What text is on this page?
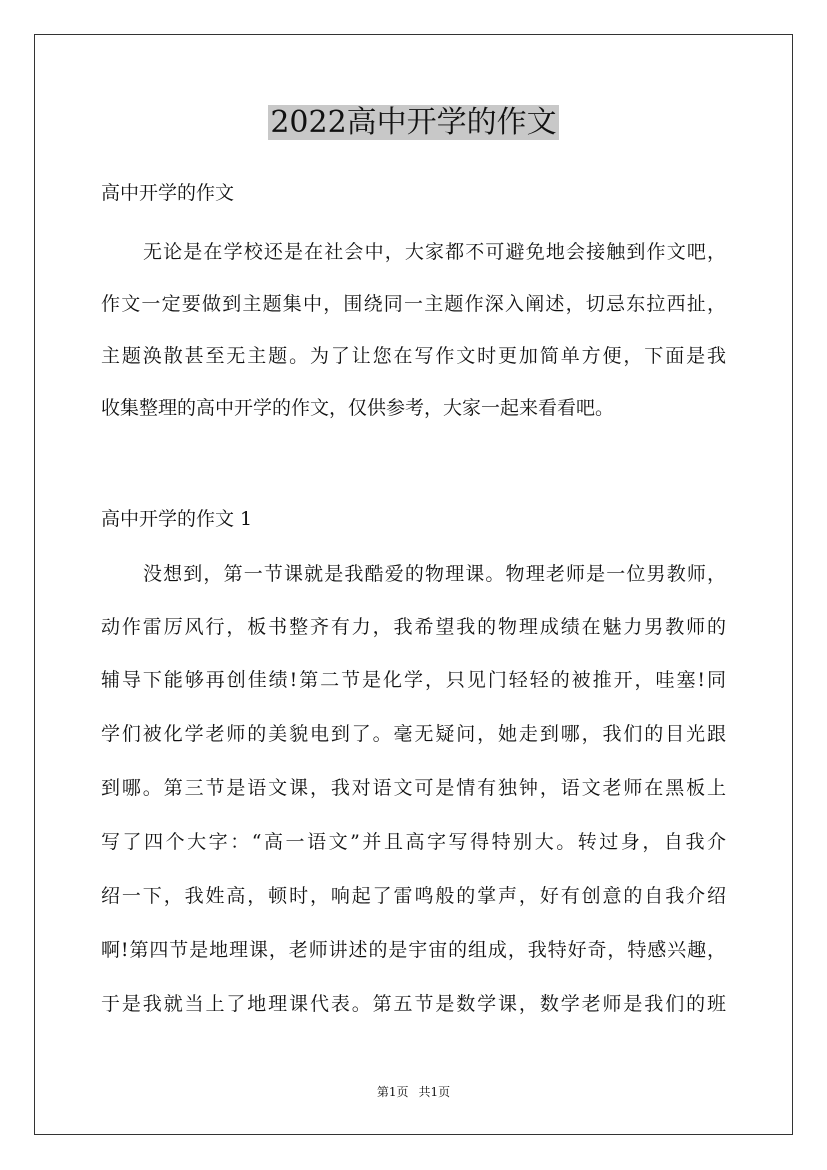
2022高中开学的作文
高中开学的作文
无论是在学校还是在社会中，大家都不可避免地会接触到作文吧，
作文一定要做到主题集中，围绕同一主题作深入阐述，切忌东拉西扯，
主题涣散甚至无主题。为了让您在写作文时更加简单方便，下面是我
收集整理的高中开学的作文，仅供参考，大家一起来看看吧。
高中开学的作文 1
没想到，第一节课就是我酷爱的物理课。物理老师是一位男教师，
动作雷厉风行，板书整齐有力，我希望我的物理成绩在魅力男教师的
辅导下能够再创佳绩!第二节是化学，只见门轻轻的被推开，哇塞!同
学们被化学老师的美貌电到了。毫无疑问，她走到哪，我们的目光跟
到哪。第三节是语文课，我对语文可是情有独钟，语文老师在黑板上
写了四个大字：“高一语文”并且高字写得特别大。转过身，自我介
绍一下，我姓高，顿时，响起了雷鸣般的掌声，好有创意的自我介绍
啊!第四节是地理课，老师讲述的是宇宙的组成，我特好奇，特感兴趣，
于是我就当上了地理课代表。第五节是数学课，数学老师是我们的班
第1页 共1页
